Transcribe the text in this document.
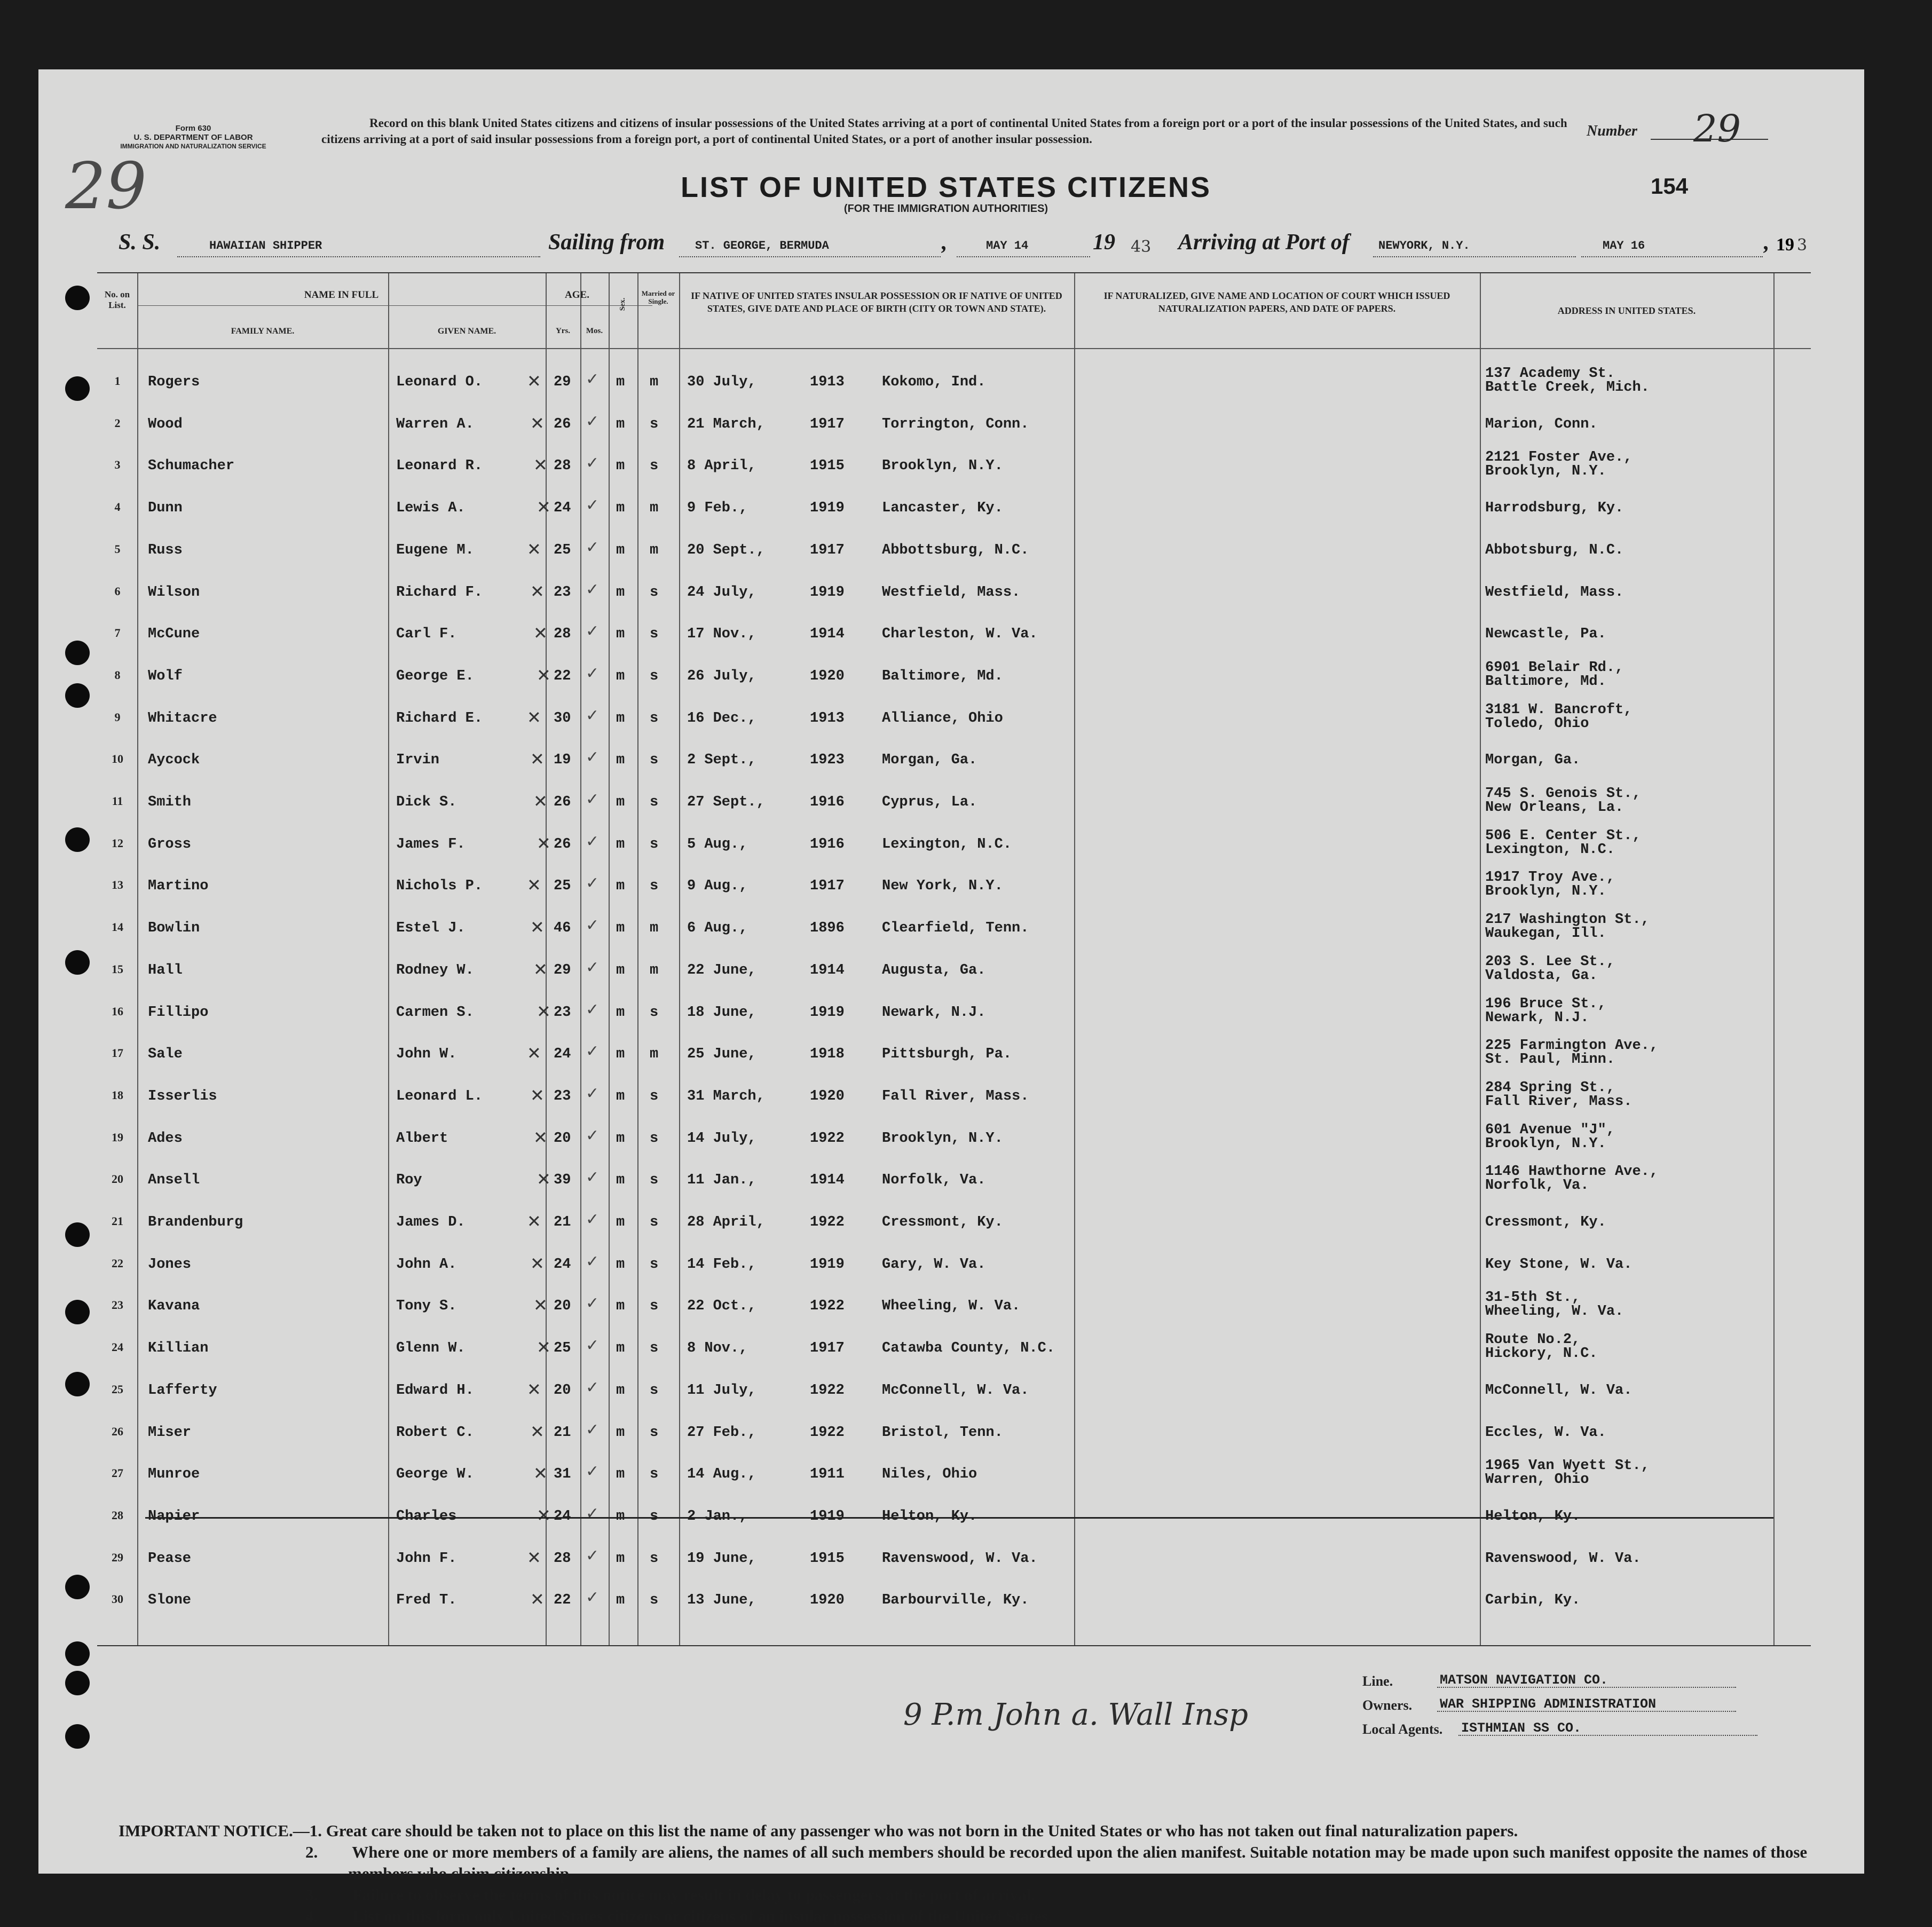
29
Form 630
U. S. DEPARTMENT OF LABOR
IMMIGRATION AND NATURALIZATION SERVICE
Record on this blank United States citizens and citizens of insular possessions of the United States arriving at a port of continental United States from a foreign port or a port of the insular possessions of the United States, and such citizens arriving at a port of said insular possessions from a foreign port, a port of continental United States, or a port of another insular possession.	Number 29
LIST OF UNITED STATES CITIZENS
(FOR THE IMMIGRATION AUTHORITIES)
154
S. S.	HAWAIIAN SHIPPER	Sailing from	ST. GEORGE, BERMUDA	,	MAY 14	19 43 Arriving at Port of NEWYORK, N.Y.	MAY 16	, 19 3
No. on List.
NAME IN FULL
FAMILY NAME.	GIVEN NAME.
AGE.
Yrs.	Mos.
Sex.
Married or Single.
IF NATIVE OF UNITED STATES INSULAR POSSESSION OR IF NATIVE OF UNITED STATES, GIVE DATE AND PLACE OF BIRTH (CITY OR TOWN AND STATE).
IF NATURALIZED, GIVE NAME AND LOCATION OF COURT WHICH ISSUED NATURALIZATION PAPERS, AND DATE OF PAPERS.	ADDRESS IN UNITED STATES.
1	Rogers	Leonard O.	✕ 29 ✓ m m 30 July,	1913	Kokomo, Ind.
137 Academy St.
Battle Creek, Mich.
2	Wood	Warren A.	✕ 26 ✓ m s 21 March,	1917	Torrington, Conn.	Marion, Conn.
3	Schumacher	Leonard R.	✕ 28 ✓ m s 8 April,	1915	Brooklyn, N.Y.
2121 Foster Ave.,
Brooklyn, N.Y.
4	Dunn	Lewis A.	✕ 24 ✓ m m 9 Feb.,	1919	Lancaster, Ky.	Harrodsburg, Ky.
5	Russ	Eugene M.	✕ 25 ✓ m m 20 Sept.,	1917	Abbottsburg, N.C.	Abbotsburg, N.C.
6	Wilson	Richard F.	✕ 23 ✓ m s 24 July,	1919	Westfield, Mass.	Westfield, Mass.
7	McCune	Carl F.	✕ 28 ✓ m s 17 Nov.,	1914	Charleston, W. Va.	Newcastle, Pa.
8	Wolf	George E.	✕ 22 ✓ m s 26 July,	1920	Baltimore, Md.
6901 Belair Rd.,
Baltimore, Md.
9	Whitacre	Richard E.	✕ 30 ✓ m s 16 Dec.,	1913	Alliance, Ohio
3181 W. Bancroft,
Toledo, Ohio
10	Aycock	Irvin	✕ 19 ✓ m s 2 Sept.,	1923	Morgan, Ga.	Morgan, Ga.
11	Smith	Dick S.	✕ 26 ✓ m s 27 Sept.,	1916	Cyprus, La.
745 S. Genois St.,
New Orleans, La.
12	Gross	James F.	✕ 26 ✓ m s 5 Aug.,	1916	Lexington, N.C.
506 E. Center St.,
Lexington, N.C.
13	Martino	Nichols P.	✕ 25 ✓ m s 9 Aug.,	1917	New York, N.Y.
1917 Troy Ave.,
Brooklyn, N.Y.
14	Bowlin	Estel J.	✕ 46 ✓ m m 6 Aug.,	1896	Clearfield, Tenn.
217 Washington St.,
Waukegan, Ill.
15	Hall	Rodney W.	✕ 29 ✓ m m 22 June,	1914	Augusta, Ga.
203 S. Lee St.,
Valdosta, Ga.
16	Fillipo	Carmen S.	✕ 23 ✓ m s 18 June,	1919	Newark, N.J.
196 Bruce St.,
Newark, N.J.
17	Sale	John W.	✕ 24 ✓ m m 25 June,	1918	Pittsburgh, Pa.
225 Farmington Ave.,
St. Paul, Minn.
18	Isserlis	Leonard L.	✕ 23 ✓ m s 31 March,	1920	Fall River, Mass.
284 Spring St.,
Fall River, Mass.
19	Ades	Albert	✕ 20 ✓ m s 14 July,	1922	Brooklyn, N.Y.
601 Avenue "J",
Brooklyn, N.Y.
20	Ansell	Roy	✕ 39 ✓ m s 11 Jan.,	1914	Norfolk, Va.
1146 Hawthorne Ave.,
Norfolk, Va.
21	Brandenburg	James D.	✕ 21 ✓ m s 28 April,	1922	Cressmont, Ky.	Cressmont, Ky.
22	Jones	John A.	✕ 24 ✓ m s 14 Feb.,	1919	Gary, W. Va.	Key Stone, W. Va.
23	Kavana	Tony S.	✕ 20 ✓ m s 22 Oct.,	1922	Wheeling, W. Va.
31-5th St.,
Wheeling, W. Va.
24	Killian	Glenn W.	✕ 25 ✓ m s 8 Nov.,	1917	Catawba County, N.C.
Route No.2,
Hickory, N.C.
25	Lafferty	Edward H.	✕ 20 ✓ m s 11 July,	1922	McConnell, W. Va.	McConnell, W. Va.
26	Miser	Robert C.	✕ 21 ✓ m s 27 Feb.,	1922	Bristol, Tenn.	Eccles, W. Va.
27	Munroe	George W.	✕ 31 ✓ m s 14 Aug.,	1911	Niles, Ohio
1965 Van Wyett St.,
Warren, Ohio
28	Napier	Charles	✕ 24 ✓ m s 2 Jan.,	1919	Helton, Ky.	Helton, Ky.
29	Pease	John F.	✕ 28 ✓ m s 19 June,	1915	Ravenswood, W. Va.	Ravenswood, W. Va.
30	Slone	Fred T.	✕ 22 ✓ m s 13 June,	1920	Barbourville, Ky.	Carbin, Ky.
9 P.m John a. Wall Insp
Line.	MATSON NAVIGATION CO.
Owners. WAR SHIPPING ADMINISTRATION
Local Agents. ISTHMIAN SS CO.
IMPORTANT NOTICE.—1. Great care should be taken not to place on this list the name of any passenger who was not born in the United States or who has not taken out final naturalization papers.
2. Where one or more members of a family are aliens, the names of all such members should be recorded upon the alien manifest. Suitable notation may be made upon such manifest opposite the names of those members who claim citizenship.
3. Failure to observe the terms of this notice may result in delay to passengers at the port of arrival.
4. List on this form only United States citizens or citizens of an insular possession of the United States.
